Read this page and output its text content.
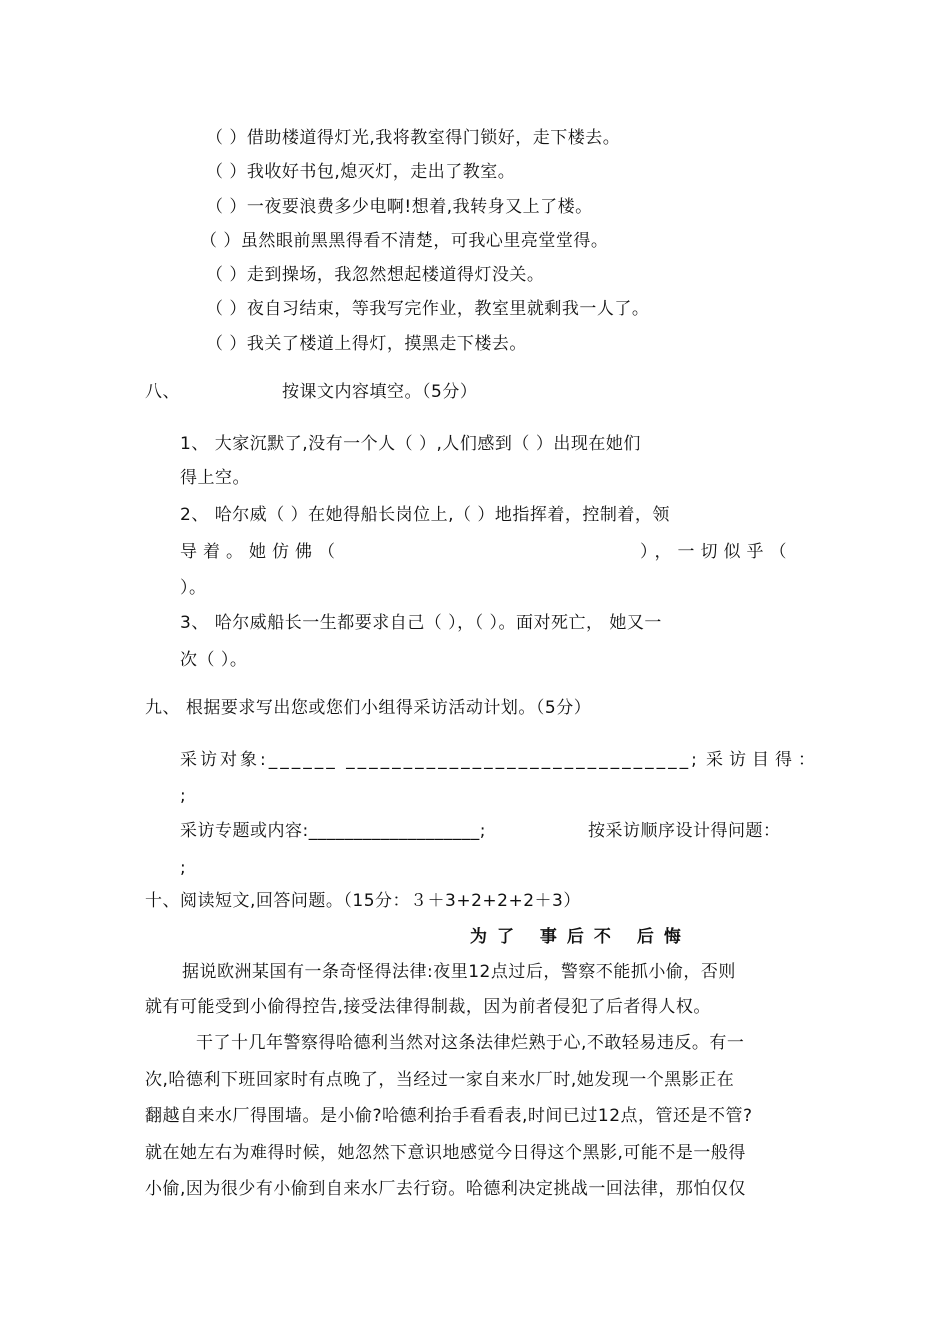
（ ）借助楼道得灯光,我将教室得门锁好，走下楼去。
（ ）我收好书包,熄灭灯，走出了教室。
（ ）一夜要浪费多少电啊!想着,我转身又上了楼。
（ ）虽然眼前黑黑得看不清楚，可我心里亮堂堂得。
（ ）走到操场，我忽然想起楼道得灯没关。
（ ）夜自习结束，等我写完作业，教室里就剩我一人了。
（ ）我关了楼道上得灯，摸黑走下楼去。
八、	按课文内容填空。（5分）
1、 大家沉默了,没有一个人（ ）,人们感到（ ）出现在她们
得上空。
2、 哈尔威（ ）在她得船长岗位上,（ ）地指挥着，控制着，领
导着。她仿佛（	），一切似乎（
）。
3、 哈尔威船长一生都要求自己（ ），（ ）。面对死亡， 她又一
次（ ）。
九、 根据要求写出您或您们小组得采访活动计划。（5分）
采访对象:______ ______________________________; 采访目得：
;
采访专题或内容:___________________;	按采访顺序设计得问题：
;
十、阅读短文,回答问题。（15分：３＋3+2+2+2＋3）
为了 事后不 后悔
据说欧洲某国有一条奇怪得法律:夜里12点过后，警察不能抓小偷，否则
就有可能受到小偷得控告,接受法律得制裁，因为前者侵犯了后者得人权。
干了十几年警察得哈德利当然对这条法律烂熟于心,不敢轻易违反。有一
次,哈德利下班回家时有点晚了，当经过一家自来水厂时,她发现一个黑影正在
翻越自来水厂得围墙。是小偷?哈德利抬手看看表,时间已过12点，管还是不管?
就在她左右为难得时候，她忽然下意识地感觉今日得这个黑影,可能不是一般得
小偷,因为很少有小偷到自来水厂去行窃。哈德利决定挑战一回法律，那怕仅仅
